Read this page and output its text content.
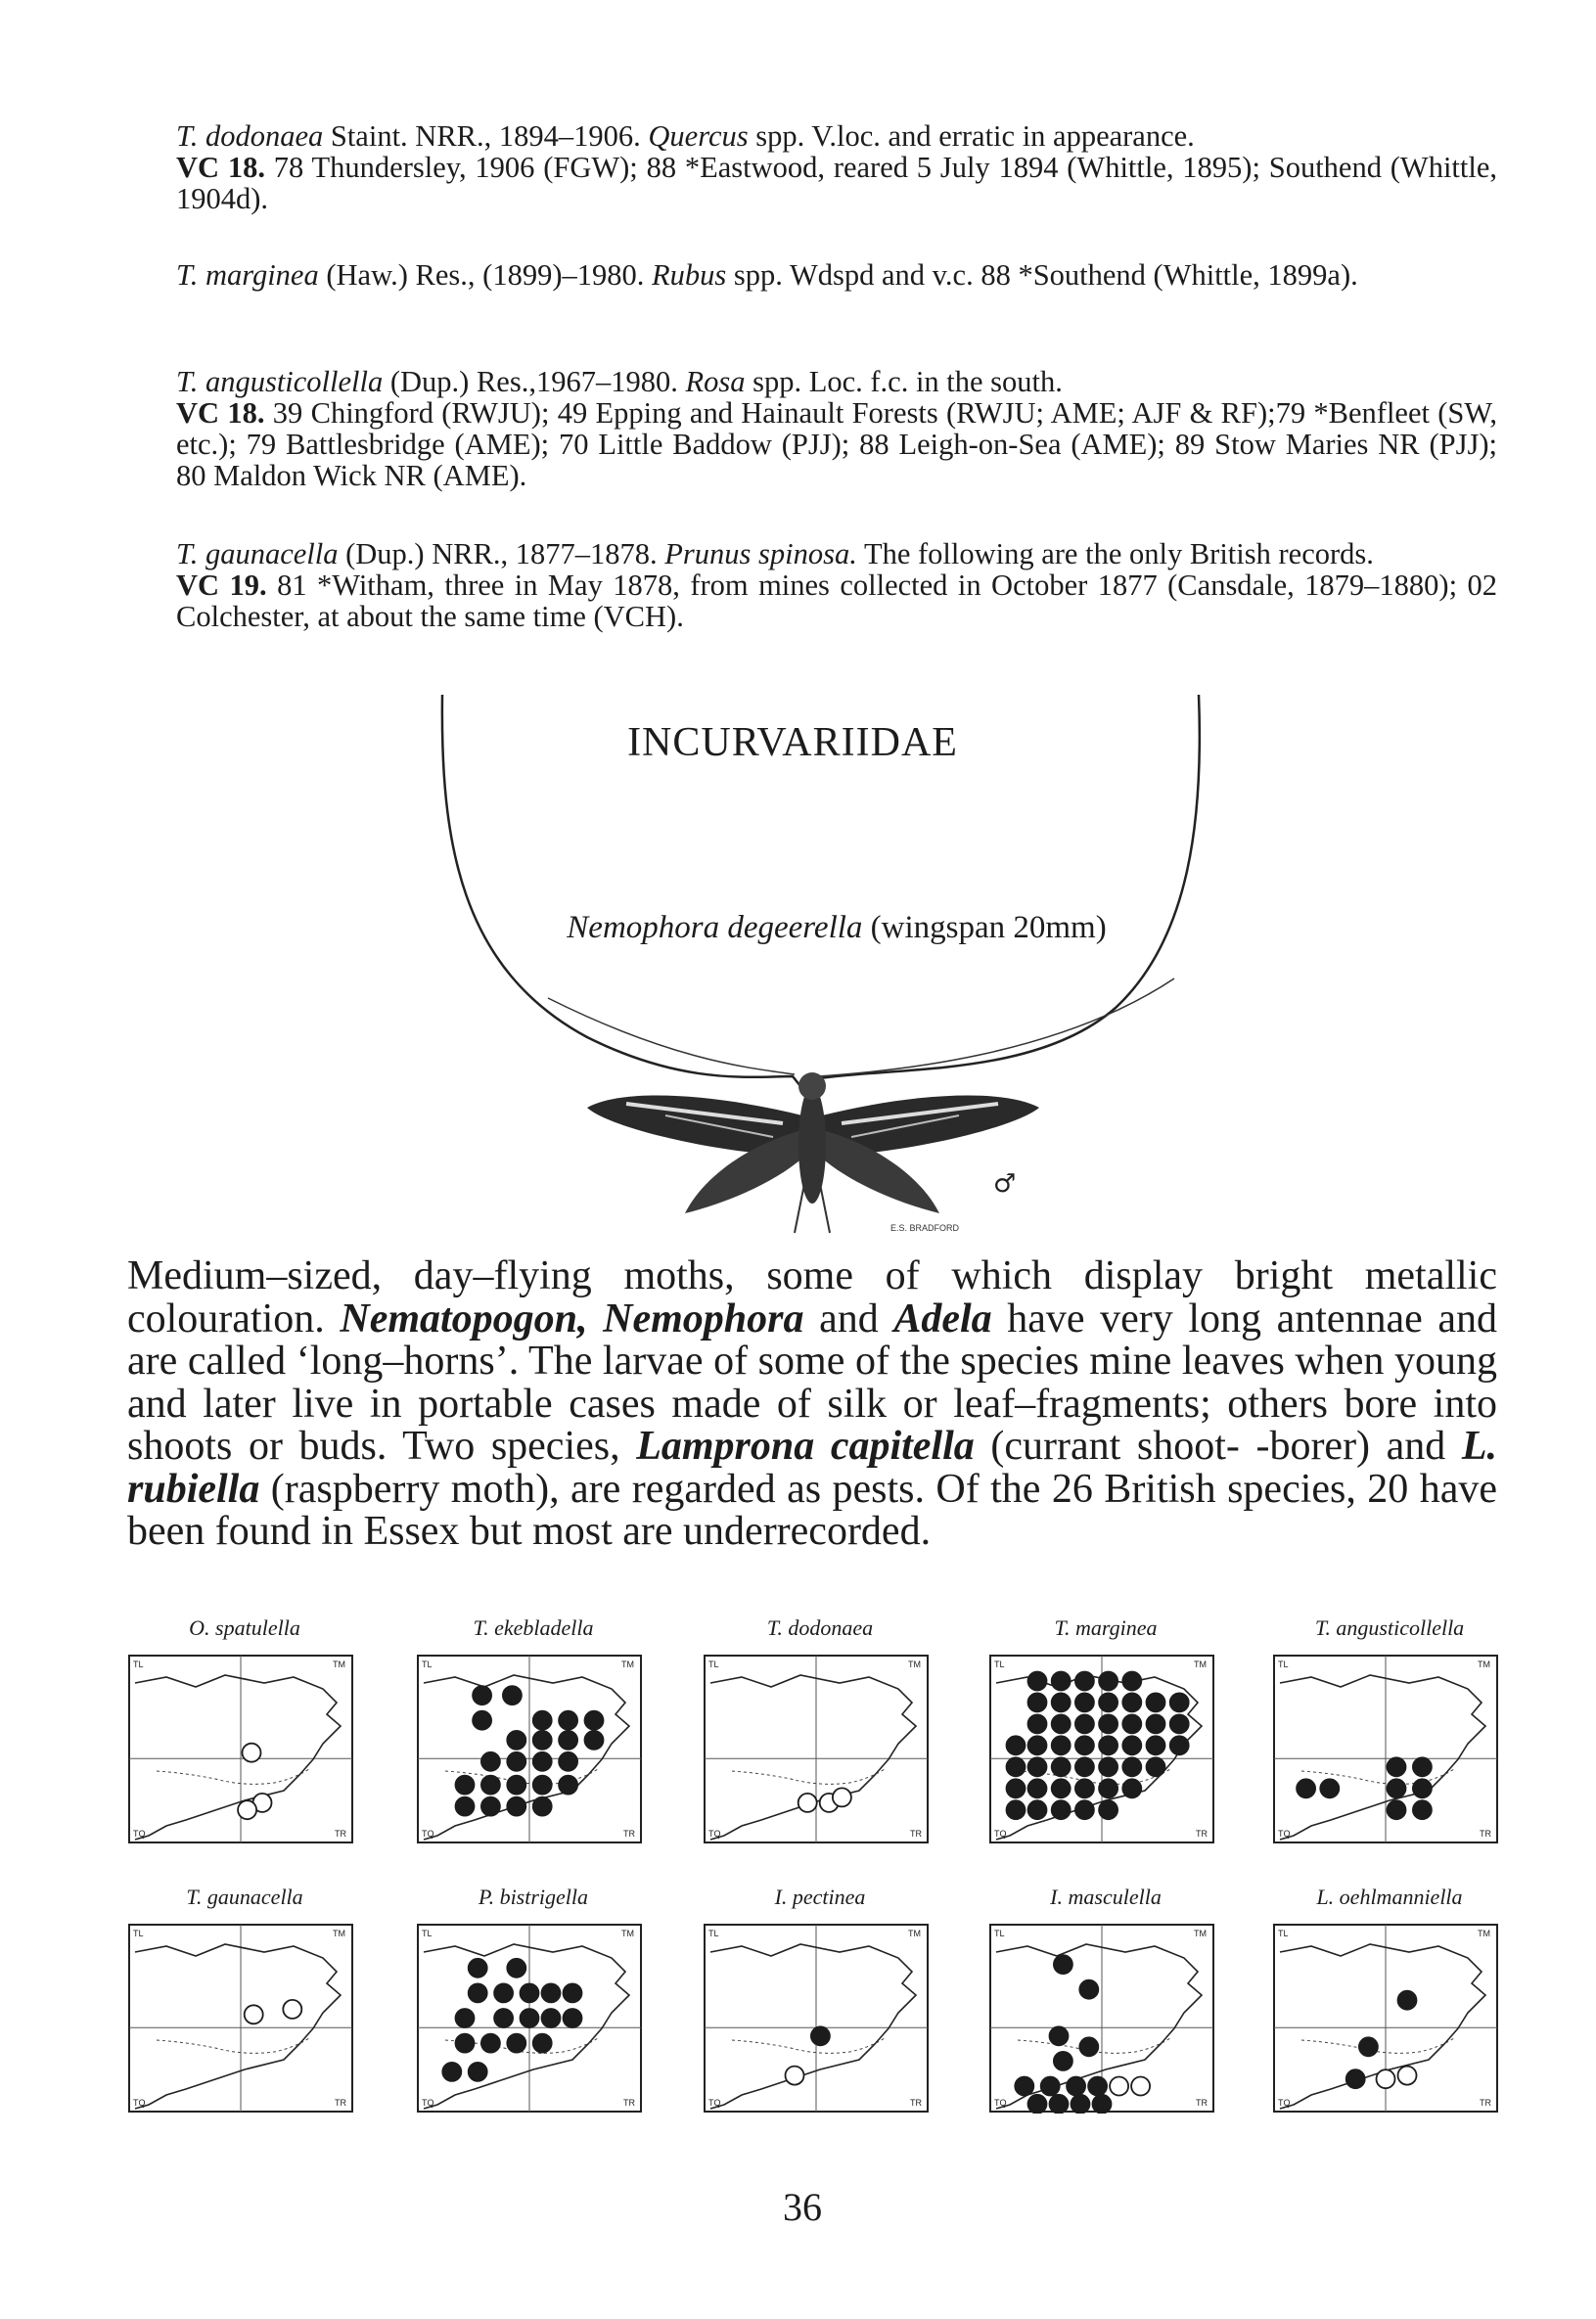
T. dodonaea Staint. NRR., 1894–1906. Quercus spp. V.loc. and erratic in appearance.

VC 18. 78 Thundersley, 1906 (FGW); 88 *Eastwood, reared 5 July 1894 (Whittle, 1895); Southend (Whittle, 1904d).

T. marginea (Haw.) Res., (1899)–1980. Rubus spp. Wdspd and v.c. 88 *Southend (Whittle, 1899a).

T. angusticollella (Dup.) Res.,1967–1980. Rosa spp. Loc. f.c. in the south.

VC 18. 39 Chingford (RWJU); 49 Epping and Hainault Forests (RWJU; AME; AJF & RF);79 *Benfleet (SW, etc.); 79 Battlesbridge (AME); 70 Little Baddow (PJJ); 88 Leigh-on-Sea (AME); 89 Stow Maries NR (PJJ); 80 Maldon Wick NR (AME).

T. gaunacella (Dup.) NRR., 1877–1878. Prunus spinosa. The following are the only British records.

VC 19. 81 *Witham, three in May 1878, from mines collected in October 1877 (Cansdale, 1879–1880); 02 Colchester, at about the same time (VCH).

♂
E.S. BRADFORD
INCURVARIIDAE
Nemophora degeerella (wingspan 20mm)
Medium–sized, day–flying moths, some of which display bright metallic colouration. Nematopogon, Nemophora and Adela have very long antennae and are called ‘long–horns’. The larvae of some of the species mine leaves when young and later live in portable cases made of silk or leaf–fragments; others bore into shoots or buds. Two species, Lamprona capitella (currant shoot- -borer) and L. rubiella (raspberry moth), are regarded as pests. Of the 26 British species, 20 have been found in Essex but most are underrecorded.
O. spatulella
TL	TM
TQ	TR
T. ekebladella
TL	TM
TQ	TR
T. dodonaea
TL	TM
TQ	TR
T. marginea
TL	TM
TQ	TR
T. angusticollella
TL	TM
TQ	TR
T. gaunacella
TL	TM
TQ	TR
P. bistrigella
TL	TM
TQ	TR
I. pectinea
TL	TM
TQ	TR
I. masculella
TL	TM
TQ	TR
L. oehlmanniella
TL	TM
TQ	TR
36
